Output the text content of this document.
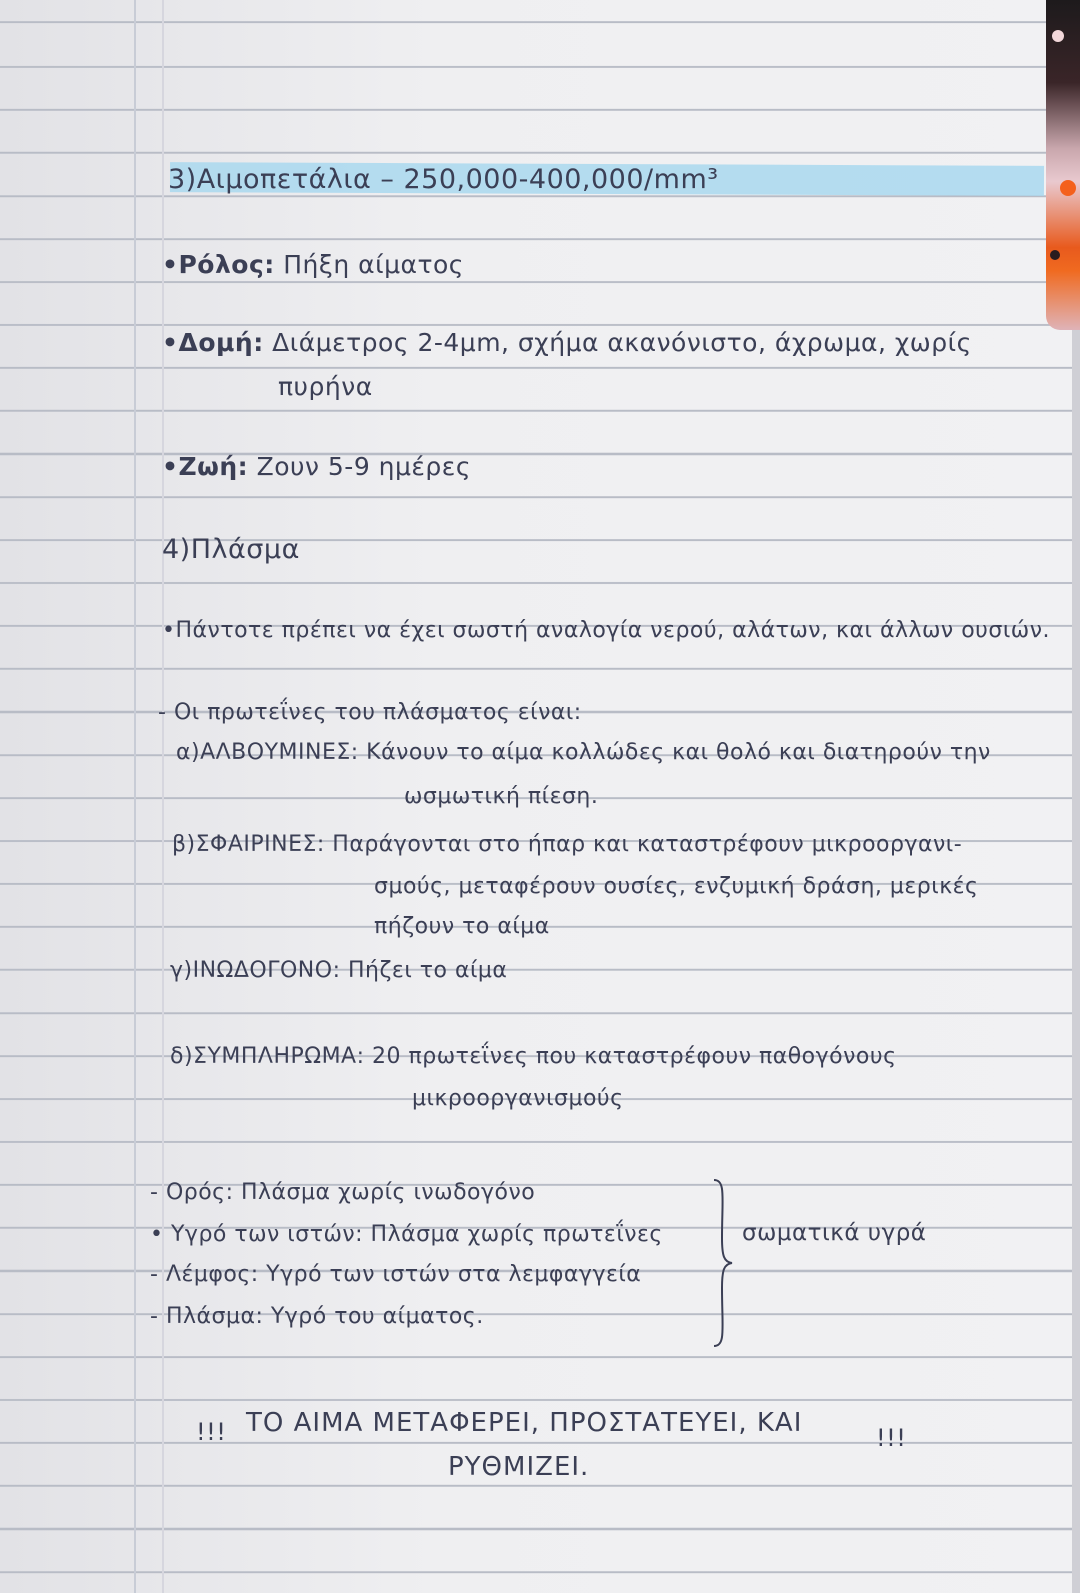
3)Αιμοπετάλια – 250,000-400,000/mm³
•Ρόλος: Πήξη αίματος
•Δομή: Διάμετρος 2-4μm, σχήμα ακανόνιστο, άχρωμα, χωρίς
πυρήνα
•Ζωή: Ζουν 5-9 ημέρες
4)Πλάσμα
•Πάντοτε πρέπει να έχει σωστή αναλογία νερού, αλάτων, και άλλων ουσιών.
- Οι πρωτεΐνες του πλάσματος είναι:
α)ΑΛΒΟΥΜΙΝΕΣ: Κάνουν το αίμα κολλώδες και θολό και διατηρούν την
ωσμωτική πίεση.
β)ΣΦΑΙΡΙΝΕΣ: Παράγονται στο ήπαρ και καταστρέφουν μικροοργανι-
σμούς, μεταφέρουν ουσίες, ενζυμική δράση, μερικές
πήζουν το αίμα
γ)ΙΝΩΔΟΓΟΝΟ: Πήζει το αίμα
δ)ΣΥΜΠΛΗΡΩΜΑ: 20 πρωτεΐνες που καταστρέφουν παθογόνους
μικροοργανισμούς
- Ορός: Πλάσμα χωρίς ινωδογόνο
• Υγρό των ιστών: Πλάσμα χωρίς πρωτεΐνες
- Λέμφος: Υγρό των ιστών στα λεμφαγγεία
- Πλάσμα: Υγρό του αίματος.
σωματικά υγρά
!!! ΤΟ ΑΙΜΑ ΜΕΤΑΦΕΡΕΙ, ΠΡΟΣΤΑΤΕΥΕΙ, ΚΑΙ	!!!
ΡΥΘΜΙΖΕΙ.
